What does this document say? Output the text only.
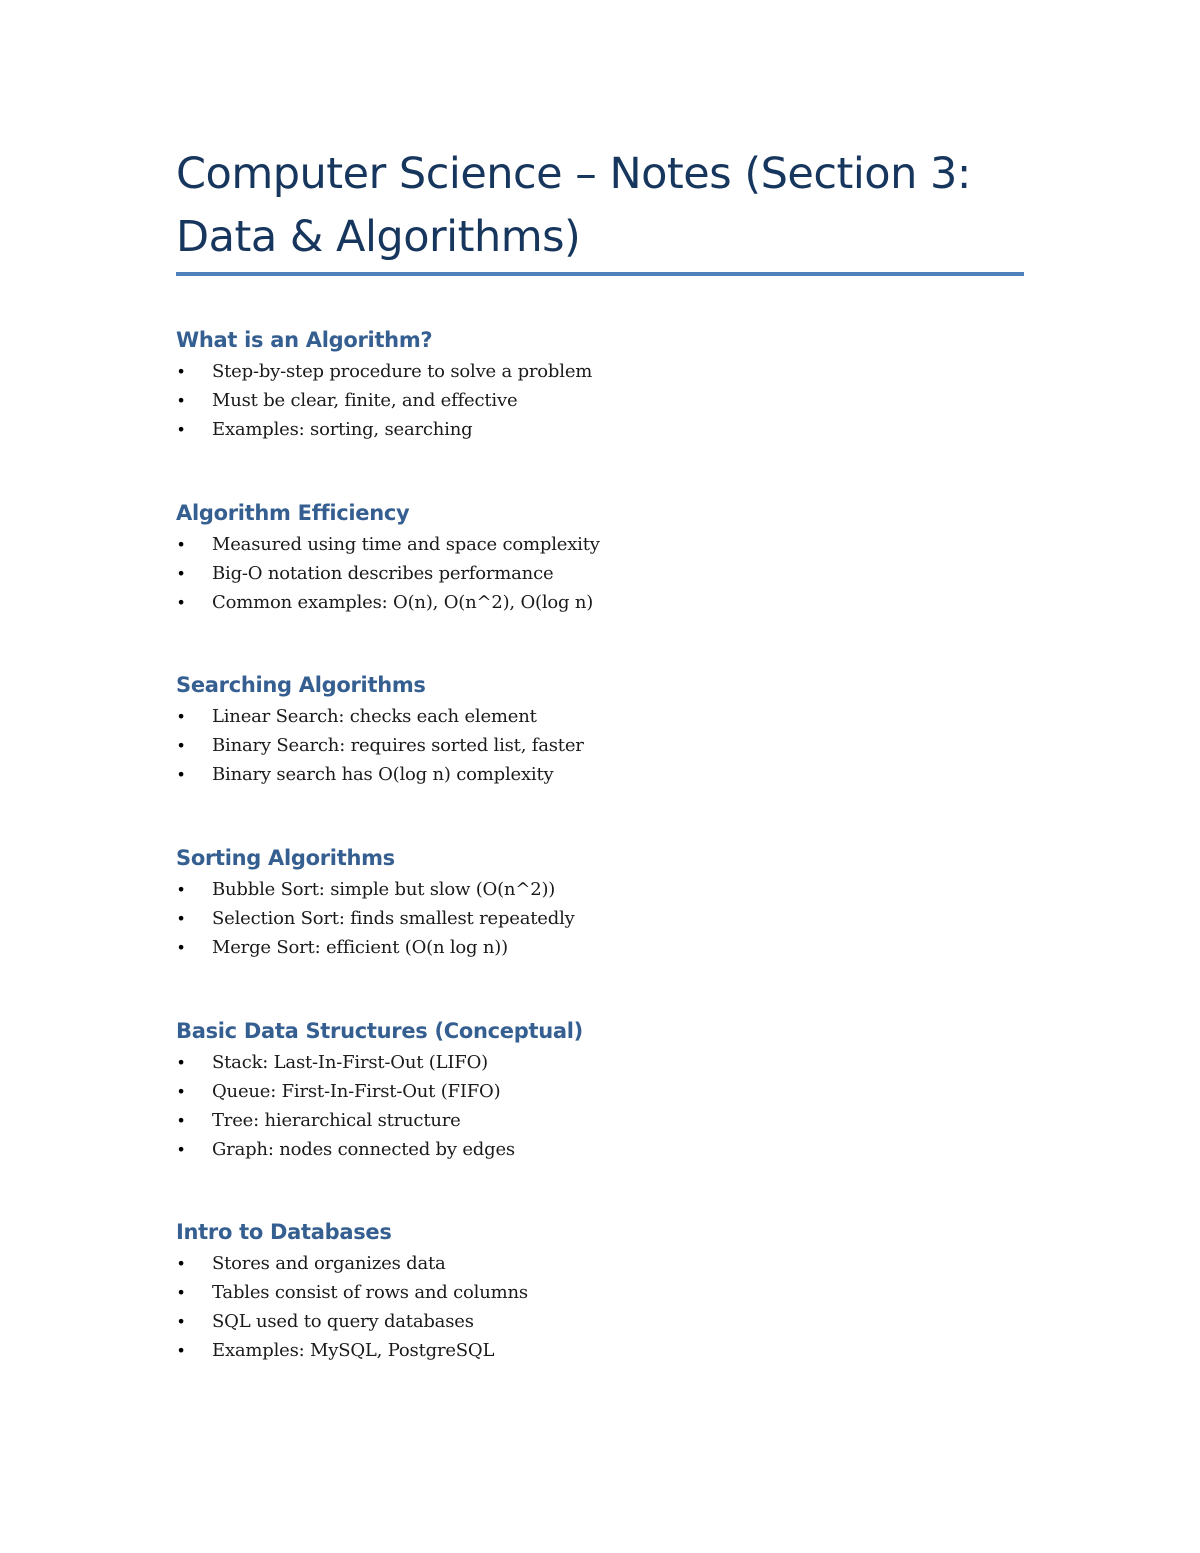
Computer Science – Notes (Section 3: Data & Algorithms)
What is an Algorithm?
• Step-by-step procedure to solve a problem
• Must be clear, finite, and effective
• Examples: sorting, searching
Algorithm Efficiency
• Measured using time and space complexity
• Big-O notation describes performance
• Common examples: O(n), O(n^2), O(log n)
Searching Algorithms
• Linear Search: checks each element
• Binary Search: requires sorted list, faster
• Binary search has O(log n) complexity
Sorting Algorithms
• Bubble Sort: simple but slow (O(n^2))
• Selection Sort: finds smallest repeatedly
• Merge Sort: efficient (O(n log n))
Basic Data Structures (Conceptual)
• Stack: Last-In-First-Out (LIFO)
• Queue: First-In-First-Out (FIFO)
• Tree: hierarchical structure
• Graph: nodes connected by edges
Intro to Databases
• Stores and organizes data
• Tables consist of rows and columns
• SQL used to query databases
• Examples: MySQL, PostgreSQL
